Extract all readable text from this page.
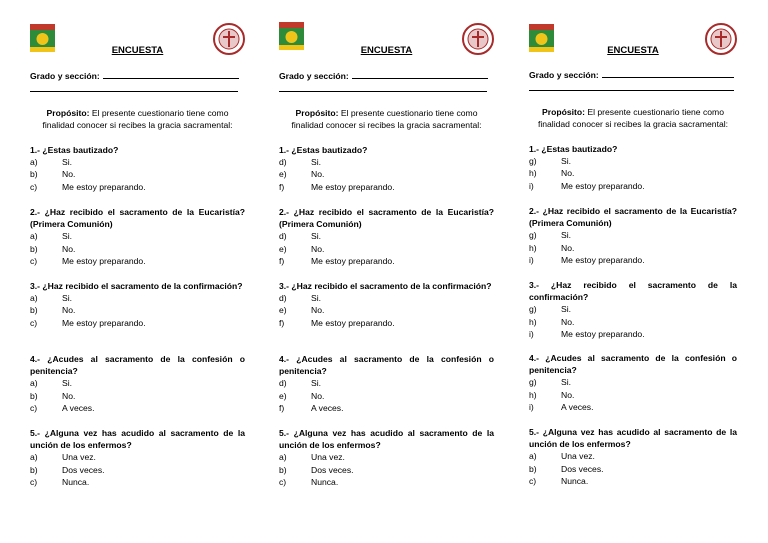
ENCUESTA
Grado y sección:
Propósito: El presente cuestionario tiene como finalidad conocer si recibes la gracia sacramental:
1.- ¿Estas bautizado?
a)	Si.
b)	No.
c)	Me estoy preparando.
2.- ¿Haz recibido el sacramento de la Eucaristía? (Primera Comunión)
a)	Si.
b)	No.
c)	Me estoy preparando.
3.- ¿Haz recibido el sacramento de la confirmación?
a)	Si.
b)	No.
c)	Me estoy preparando.
4.- ¿Acudes al sacramento de la confesión o penitencia?
a)	Si.
b)	No.
c)	A veces.
5.- ¿Alguna vez has acudido al sacramento de la unción de los enfermos?
a)	Una vez.
b)	Dos veces.
c)	Nunca.
ENCUESTA
Grado y sección:
Propósito: El presente cuestionario tiene como finalidad conocer si recibes la gracia sacramental:
1.- ¿Estas bautizado?
d)	Si.
e)	No.
f)	Me estoy preparando.
2.- ¿Haz recibido el sacramento de la Eucaristía? (Primera Comunión)
d)	Si.
e)	No.
f)	Me estoy preparando.
3.- ¿Haz recibido el sacramento de la confirmación?
d)	Si.
e)	No.
f)	Me estoy preparando.
4.- ¿Acudes al sacramento de la confesión o penitencia?
d)	Si.
e)	No.
f)	A veces.
5.- ¿Alguna vez has acudido al sacramento de la unción de los enfermos?
a)	Una vez.
b)	Dos veces.
c)	Nunca.
ENCUESTA
Grado y sección:
Propósito: El presente cuestionario tiene como finalidad conocer si recibes la gracia sacramental:
1.- ¿Estas bautizado?
g)	Si.
h)	No.
i)	Me estoy preparando.
2.- ¿Haz recibido el sacramento de la Eucaristía? (Primera Comunión)
g)	Si.
h)	No.
i)	Me estoy preparando.
3.- ¿Haz recibido el sacramento de la confirmación?
g)	Si.
h)	No.
i)	Me estoy preparando.
4.- ¿Acudes al sacramento de la confesión o penitencia?
g)	Si.
h)	No.
i)	A veces.
5.- ¿Alguna vez has acudido al sacramento de la unción de los enfermos?
a)	Una vez.
b)	Dos veces.
c)	Nunca.
